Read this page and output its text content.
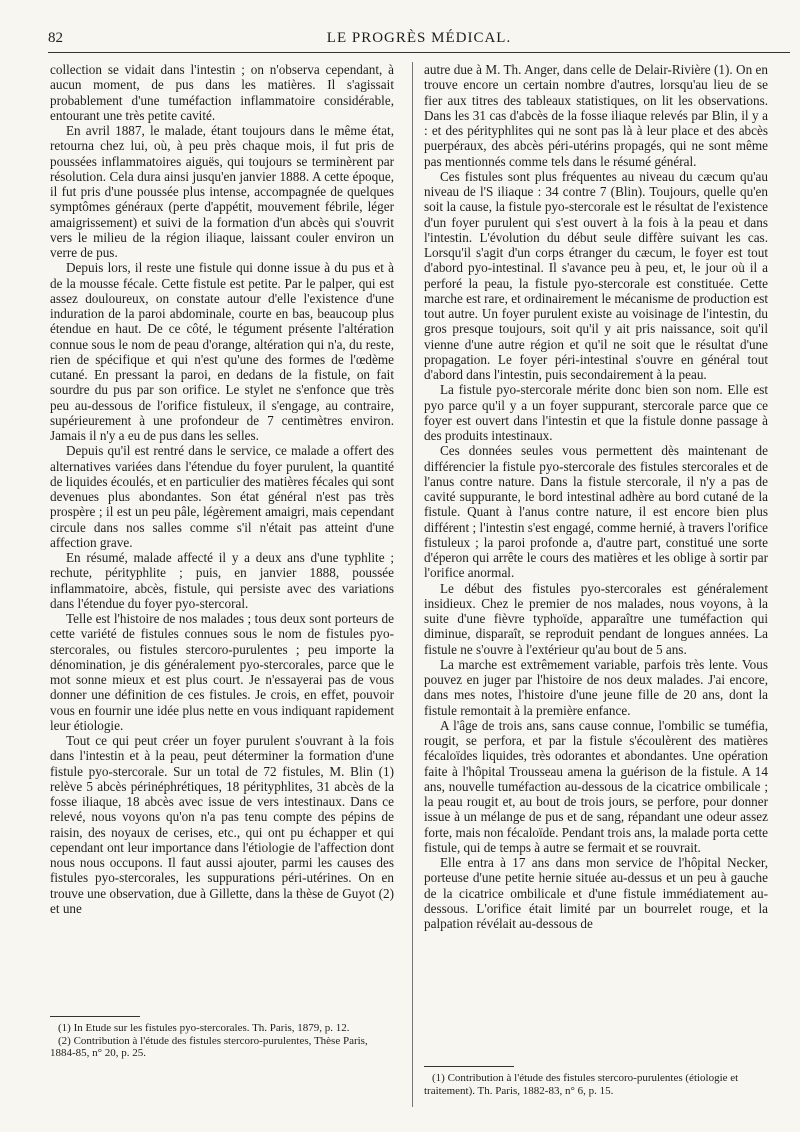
82	LE PROGRÈS MÉDICAL.

collection se vidait dans l'intestin ; on n'observa cependant, à aucun moment, de pus dans les matières. Il s'agissait probablement d'une tuméfaction inflammatoire considérable, entourant une très petite cavité.

En avril 1887, le malade, étant toujours dans le même état, retourna chez lui, où, à peu près chaque mois, il fut pris de poussées inflammatoires aiguës, qui toujours se terminèrent par résolution. Cela dura ainsi jusqu'en janvier 1888. A cette époque, il fut pris d'une poussée plus intense, accompagnée de quelques symptômes généraux (perte d'appétit, mouvement fébrile, léger amaigrissement) et suivi de la formation d'un abcès qui s'ouvrit vers le milieu de la région iliaque, laissant couler environ un verre de pus.

Depuis lors, il reste une fistule qui donne issue à du pus et à de la mousse fécale. Cette fistule est petite. Par le palper, qui est assez douloureux, on constate autour d'elle l'existence d'une induration de la paroi abdominale, courte en bas, beaucoup plus étendue en haut. De ce côté, le tégument présente l'altération connue sous le nom de peau d'orange, altération qui n'a, du reste, rien de spécifique et qui n'est qu'une des formes de l'œdème cutané. En pressant la paroi, en dedans de la fistule, on fait sourdre du pus par son orifice. Le stylet ne s'enfonce que très peu au-dessous de l'orifice fistuleux, il s'engage, au contraire, supérieurement à une profondeur de 7 centimètres environ. Jamais il n'y a eu de pus dans les selles.

Depuis qu'il est rentré dans le service, ce malade a offert des alternatives variées dans l'étendue du foyer purulent, la quantité de liquides écoulés, et en particulier des matières fécales qui sont devenues plus abondantes. Son état général n'est pas très prospère ; il est un peu pâle, légèrement amaigri, mais cependant circule dans nos salles comme s'il n'était pas atteint d'une affection grave.

En résumé, malade affecté il y a deux ans d'une typhlite ; rechute, pérityphlite ; puis, en janvier 1888, poussée inflammatoire, abcès, fistule, qui persiste avec des variations dans l'étendue du foyer pyo-stercoral.

Telle est l'histoire de nos malades ; tous deux sont porteurs de cette variété de fistules connues sous le nom de fistules pyo-stercorales, ou fistules stercoro-purulentes ; peu importe la dénomination, je dis généralement pyo-stercorales, parce que le mot sonne mieux et est plus court. Je n'essayerai pas de vous donner une définition de ces fistules. Je crois, en effet, pouvoir vous en fournir une idée plus nette en vous indiquant rapidement leur étiologie.

Tout ce qui peut créer un foyer purulent s'ouvrant à la fois dans l'intestin et à la peau, peut déterminer la formation d'une fistule pyo-stercorale. Sur un total de 72 fistules, M. Blin (1) relève 5 abcès périnéphrétiques, 18 pérityphlites, 31 abcès de la fosse iliaque, 18 abcès avec issue de vers intestinaux. Dans ce relevé, nous voyons qu'on n'a pas tenu compte des pépins de raisin, des noyaux de cerises, etc., qui ont pu échapper et qui cependant ont leur importance dans l'étiologie de l'affection dont nous nous occupons. Il faut aussi ajouter, parmi les causes des fistules pyo-stercorales, les suppurations péri-utérines. On en trouve une observation, due à Gillette, dans la thèse de Guyot (2) et une

autre due à M. Th. Anger, dans celle de Delair-Rivière (1). On en trouve encore un certain nombre d'autres, lorsqu'au lieu de se fier aux titres des tableaux statistiques, on lit les observations. Dans les 31 cas d'abcès de la fosse iliaque relevés par Blin, il y a : et des pérityphlites qui ne sont pas là à leur place et des abcès puerpéraux, des abcès péri-utérins propagés, qui ne sont même pas mentionnés comme tels dans le résumé général.

Ces fistules sont plus fréquentes au niveau du cæcum qu'au niveau de l'S iliaque : 34 contre 7 (Blin). Toujours, quelle qu'en soit la cause, la fistule pyo-stercorale est le résultat de l'existence d'un foyer purulent qui s'est ouvert à la fois à la peau et dans l'intestin. L'évolution du début seule diffère suivant les cas. Lorsqu'il s'agit d'un corps étranger du cæcum, le foyer est tout d'abord pyo-intestinal. Il s'avance peu à peu, et, le jour où il a perforé la peau, la fistule pyo-stercorale est constituée. Cette marche est rare, et ordinairement le mécanisme de production est tout autre. Un foyer purulent existe au voisinage de l'intestin, du gros presque toujours, soit qu'il y ait pris naissance, soit qu'il vienne d'une autre région et qu'il ne soit que le résultat d'une propagation. Le foyer péri-intestinal s'ouvre en général tout d'abord dans l'intestin, puis secondairement à la peau.

La fistule pyo-stercorale mérite donc bien son nom. Elle est pyo parce qu'il y a un foyer suppurant, stercorale parce que ce foyer est ouvert dans l'intestin et que la fistule donne passage à des produits intestinaux.

Ces données seules vous permettent dès maintenant de différencier la fistule pyo-stercorale des fistules stercorales et de l'anus contre nature. Dans la fistule stercorale, il n'y a pas de cavité suppurante, le bord intestinal adhère au bord cutané de la fistule. Quant à l'anus contre nature, il est encore bien plus différent ; l'intestin s'est engagé, comme hernié, à travers l'orifice fistuleux ; la paroi profonde a, d'autre part, constitué une sorte d'éperon qui arrête le cours des matières et les oblige à sortir par l'orifice anormal.

Le début des fistules pyo-stercorales est généralement insidieux. Chez le premier de nos malades, nous voyons, à la suite d'une fièvre typhoïde, apparaître une tuméfaction qui diminue, disparaît, se reproduit pendant de longues années. La fistule ne s'ouvre à l'extérieur qu'au bout de 5 ans.

La marche est extrêmement variable, parfois très lente. Vous pouvez en juger par l'histoire de nos deux malades. J'ai encore, dans mes notes, l'histoire d'une jeune fille de 20 ans, dont la fistule remontait à la première enfance.

A l'âge de trois ans, sans cause connue, l'ombilic se tuméfia, rougit, se perfora, et par la fistule s'écoulèrent des matières fécaloïdes liquides, très odorantes et abondantes. Une opération faite à l'hôpital Trousseau amena la guérison de la fistule. A 14 ans, nouvelle tuméfaction au-dessous de la cicatrice ombilicale ; la peau rougit et, au bout de trois jours, se perfore, pour donner issue à un mélange de pus et de sang, répandant une odeur assez forte, mais non fécaloïde. Pendant trois ans, la malade porta cette fistule, qui de temps à autre se fermait et se rouvrait.

Elle entra à 17 ans dans mon service de l'hôpital Necker, porteuse d'une petite hernie située au-dessus et un peu à gauche de la cicatrice ombilicale et d'une fistule immédiatement au-dessous. L'orifice était limité par un bourrelet rouge, et la palpation révélait au-dessous de

(1) In Etude sur les fistules pyo-stercorales. Th. Paris, 1879, p. 12.

(2) Contribution à l'étude des fistules stercoro-purulentes, Thèse Paris, 1884-85, n° 20, p. 25.

(1) Contribution à l'étude des fistules stercoro-purulentes (étiologie et traitement). Th. Paris, 1882-83, n° 6, p. 15.
